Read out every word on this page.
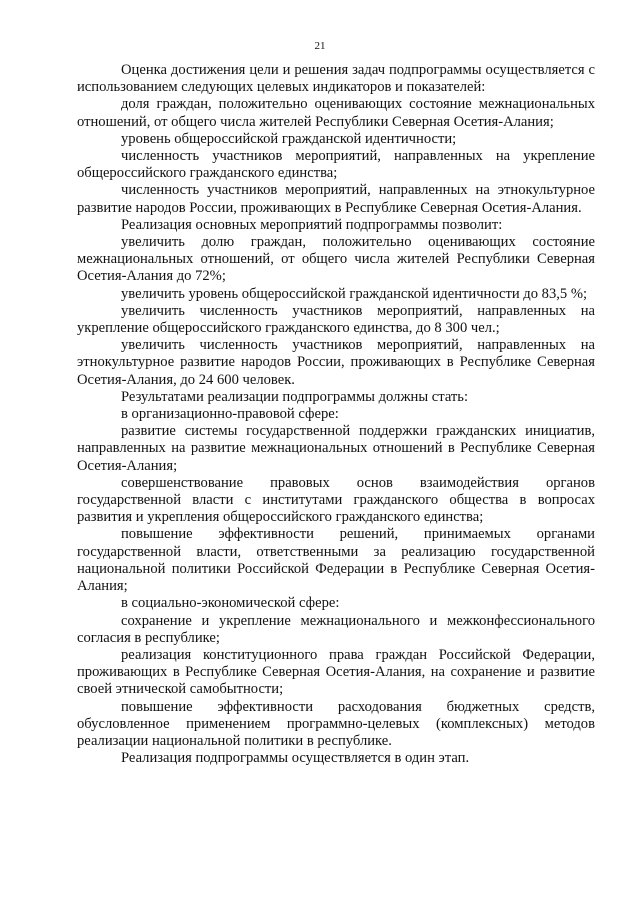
21

Оценка достижения цели и решения задач подпрограммы осуществляется с использованием следующих целевых индикаторов и показателей:

доля граждан, положительно оценивающих состояние межнациональных отношений, от общего числа жителей Республики Северная Осетия-Алания;

уровень общероссийской гражданской идентичности;

численность участников мероприятий, направленных на укрепление общероссийского гражданского единства;

численность участников мероприятий, направленных на этнокультурное развитие народов России, проживающих в Республике Северная Осетия-Алания.

Реализация основных мероприятий подпрограммы позволит:

увеличить долю граждан, положительно оценивающих состояние межнациональных отношений, от общего числа жителей Республики Северная Осетия-Алания до 72%;

увеличить уровень общероссийской гражданской идентичности до 83,5 %;

увеличить численность участников мероприятий, направленных на укрепление общероссийского гражданского единства, до 8 300 чел.;

увеличить численность участников мероприятий, направленных на этнокультурное развитие народов России, проживающих в Республике Северная Осетия-Алания, до 24 600 человек.

Результатами реализации подпрограммы должны стать:

в организационно-правовой сфере:

развитие системы государственной поддержки гражданских инициатив, направленных на развитие межнациональных отношений в Республике Северная Осетия-Алания;

совершенствование правовых основ взаимодействия органов государственной власти с институтами гражданского общества в вопросах развития и укрепления общероссийского гражданского единства;

повышение эффективности решений, принимаемых органами государственной власти, ответственными за реализацию государственной национальной политики Российской Федерации в Республике Северная Осетия-Алания;

в социально-экономической сфере:

сохранение и укрепление межнационального и межконфессионального согласия в республике;

реализация конституционного права граждан Российской Федерации, проживающих в Республике Северная Осетия-Алания, на сохранение и развитие своей этнической самобытности;

повышение эффективности расходования бюджетных средств, обусловленное применением программно-целевых (комплексных) методов реализации национальной политики в республике.

Реализация подпрограммы осуществляется в один этап.
